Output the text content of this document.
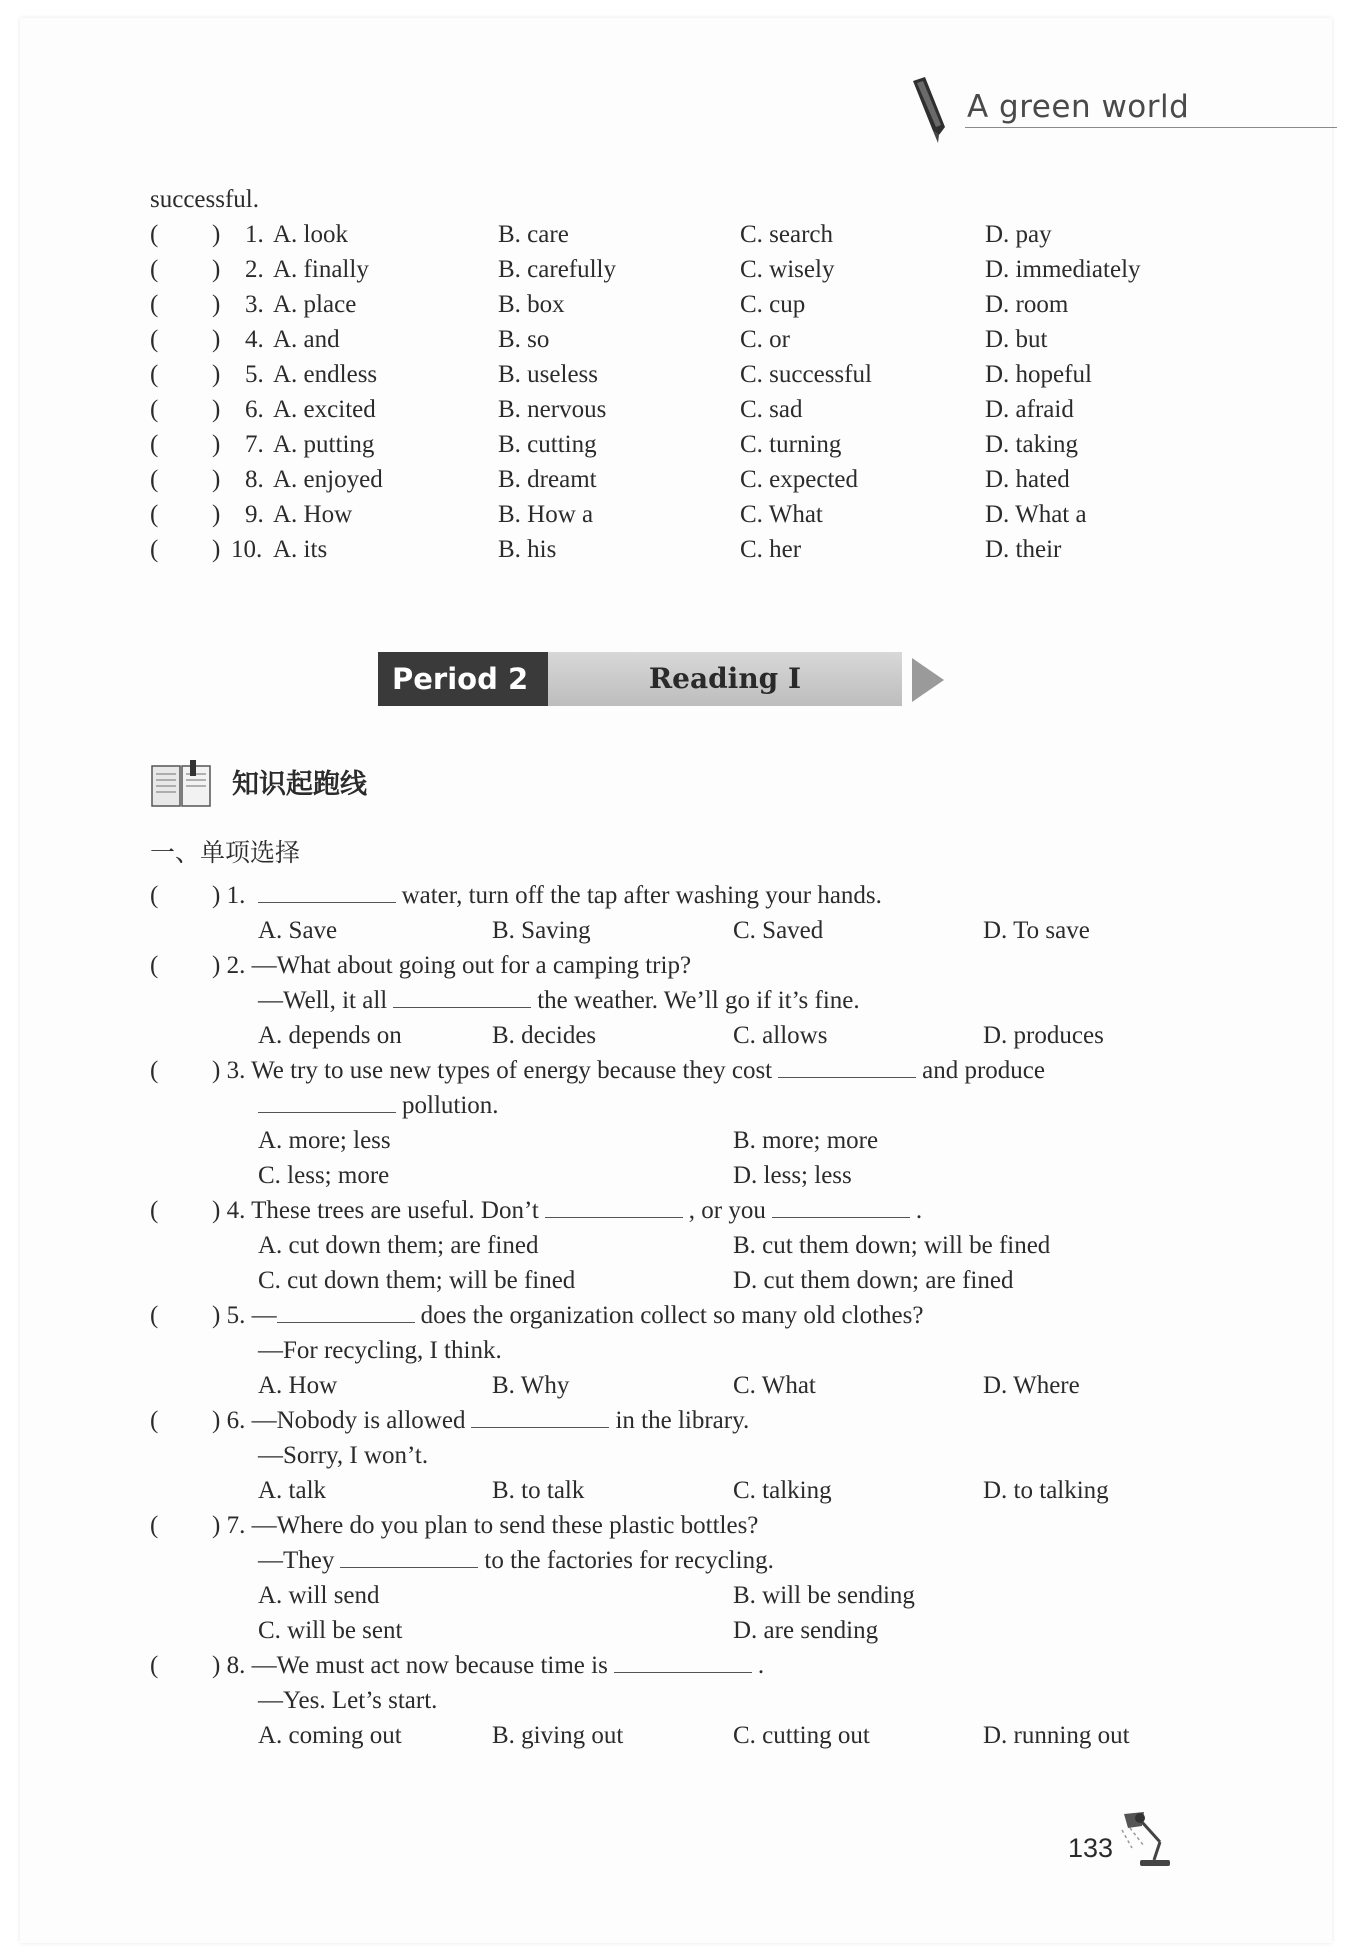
A green world
successful.
( ) 1. A. look	B. care	C. search	D. pay
( ) 2. A. finally	B. carefully	C. wisely	D. immediately
( ) 3. A. place	B. box	C. cup	D. room
( ) 4. A. and	B. so	C. or	D. but
( ) 5. A. endless	B. useless	C. successful	D. hopeful
( ) 6. A. excited	B. nervous	C. sad	D. afraid
( ) 7. A. putting	B. cutting	C. turning	D. taking
( ) 8. A. enjoyed	B. dreamt	C. expected	D. hated
( ) 9. A. How	B. How a	C. What	D. What a
( ) 10. A. its	B. his	C. her	D. their
Period 2	Reading I
知识起跑线
一、单项选择
( ) 1.	water, turn off the tap after washing your hands.
A. Save	B. Saving	C. Saved	D. To save
( ) 2. —What about going out for a camping trip?
—Well, it all	the weather. We’ll go if it’s fine.
A. depends on	B. decides	C. allows	D. produces
( ) 3. We try to use new types of energy because they cost	and produce
pollution.
A. more; less	B. more; more
C. less; more	D. less; less
( ) 4. These trees are useful. Don’t	, or you	.
A. cut down them; are fined	B. cut them down; will be fined
C. cut down them; will be fined	D. cut them down; are fined
( ) 5. —	does the organization collect so many old clothes?
—For recycling, I think.
A. How	B. Why	C. What	D. Where
( ) 6. —Nobody is allowed	in the library.
—Sorry, I won’t.
A. talk	B. to talk	C. talking	D. to talking
( ) 7. —Where do you plan to send these plastic bottles?
—They	to the factories for recycling.
A. will send	B. will be sending
C. will be sent	D. are sending
( ) 8. —We must act now because time is	.
—Yes. Let’s start.
A. coming out	B. giving out	C. cutting out	D. running out
133
